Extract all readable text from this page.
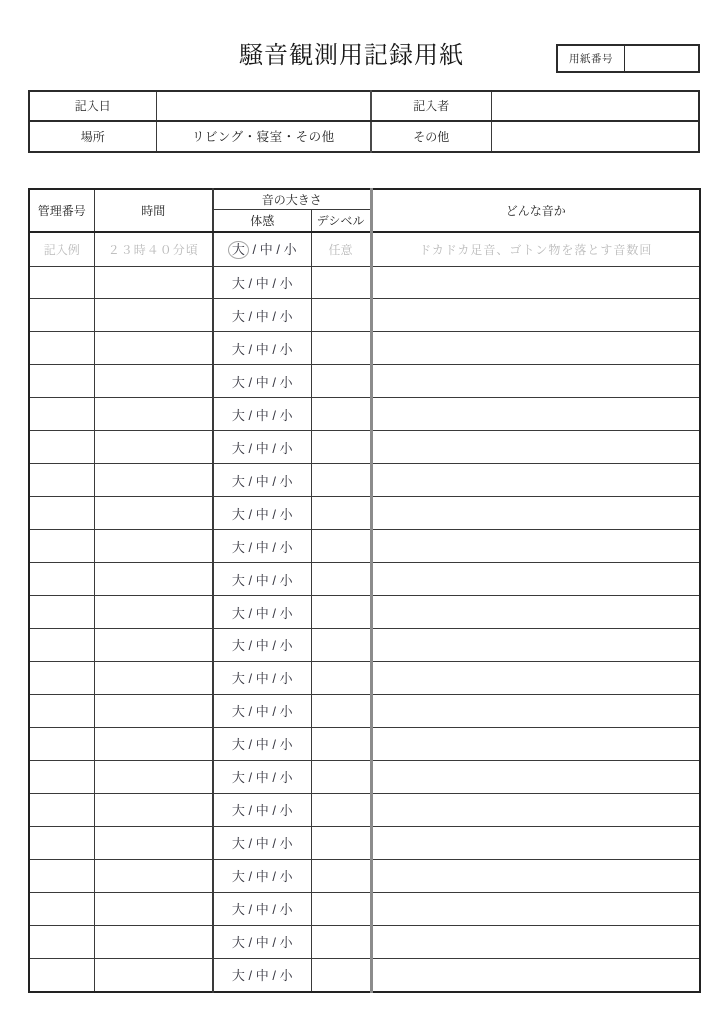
騒音観測用記録用紙	用紙番号
記入日		記入者	
場所	リビング・寝室・その他	その他	
管理番号	時間	音の大きさ		どんな音か
		体感	デシベル	
記入例	２３時４０分頃	大 / 中 / 小	任意	ドカドカ足音、ゴトン物を落とす音数回
		大 / 中 / 小		
		大 / 中 / 小		
		大 / 中 / 小		
		大 / 中 / 小		
		大 / 中 / 小		
		大 / 中 / 小		
		大 / 中 / 小		
		大 / 中 / 小		
		大 / 中 / 小		
		大 / 中 / 小		
		大 / 中 / 小		
		大 / 中 / 小		
		大 / 中 / 小		
		大 / 中 / 小		
		大 / 中 / 小		
		大 / 中 / 小		
		大 / 中 / 小		
		大 / 中 / 小		
		大 / 中 / 小		
		大 / 中 / 小		
		大 / 中 / 小		
		大 / 中 / 小		
